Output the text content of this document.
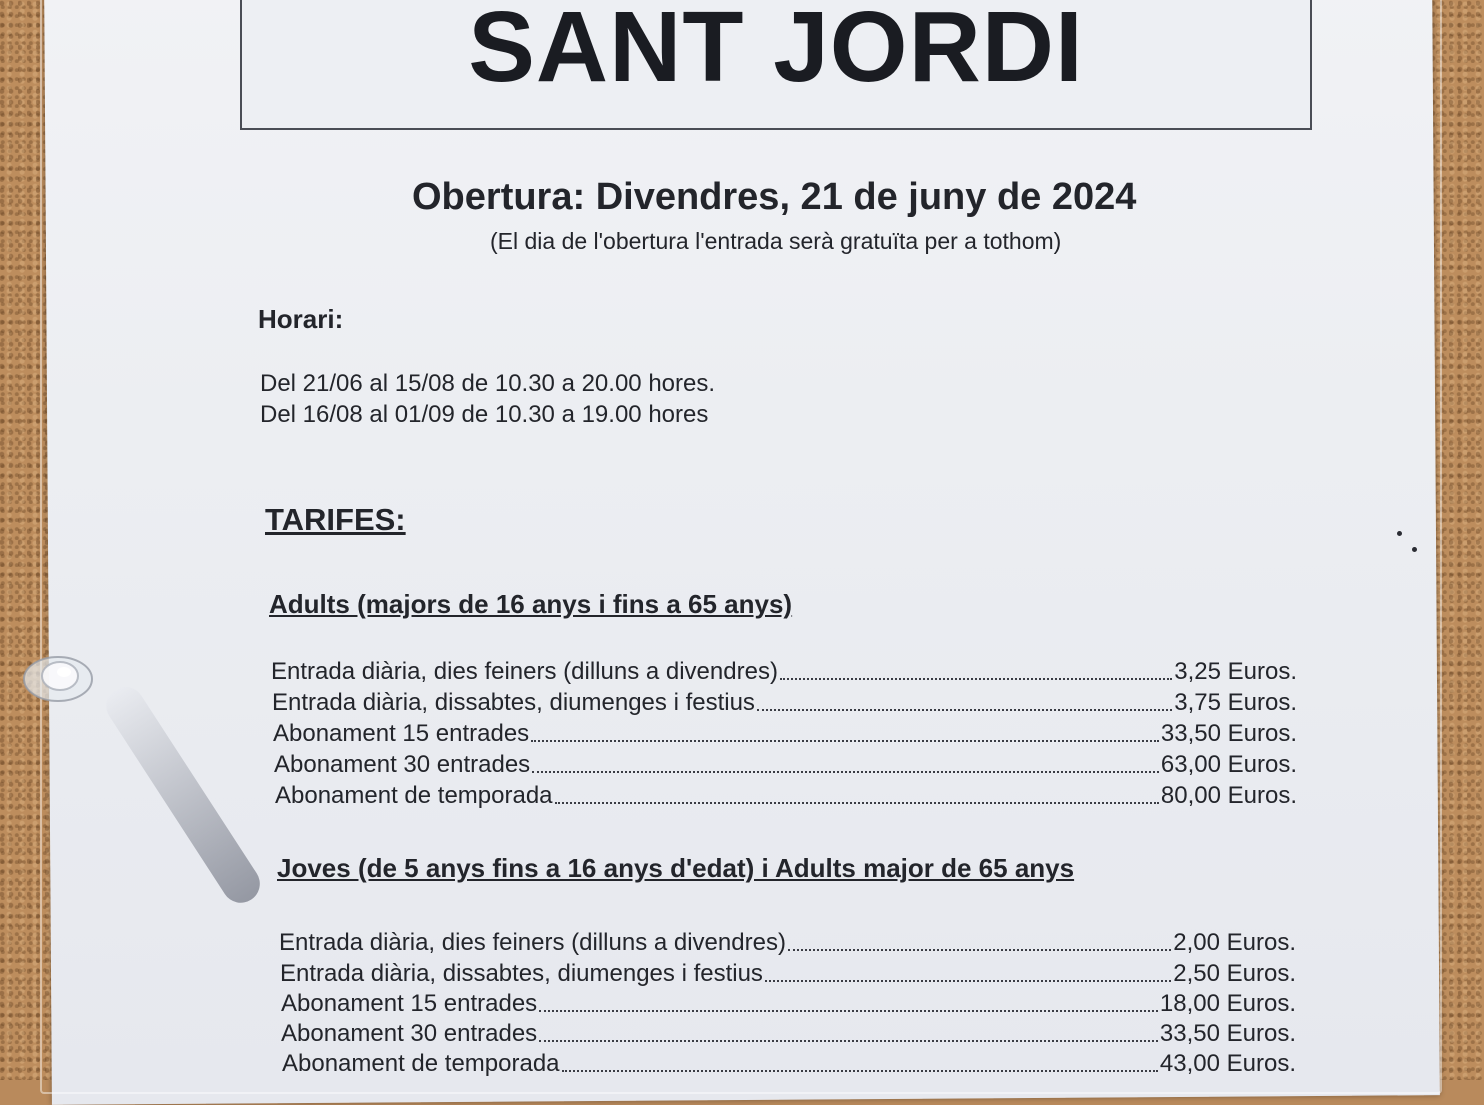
SANT JORDI
Obertura: Divendres, 21 de juny de 2024
(El dia de l'obertura l'entrada serà gratuïta per a tothom)
Horari:
Del 21/06 al 15/08 de 10.30 a 20.00 hores.
Del 16/08 al 01/09 de 10.30 a 19.00 hores
TARIFES:
Adults (majors de 16 anys i fins a 65 anys)
Entrada diària, dies feiners (dilluns a divendres)	3,25 Euros.
Entrada diària, dissabtes, diumenges i festius	3,75 Euros.
Abonament 15 entrades	33,50 Euros.
Abonament 30 entrades	63,00 Euros.
Abonament de temporada	80,00 Euros.
Joves (de 5 anys fins a 16 anys d'edat) i Adults major de 65 anys
Entrada diària, dies feiners (dilluns a divendres)	2,00 Euros.
Entrada diària, dissabtes, diumenges i festius	2,50 Euros.
Abonament 15 entrades	18,00 Euros.
Abonament 30 entrades	33,50 Euros.
Abonament de temporada	43,00 Euros.
